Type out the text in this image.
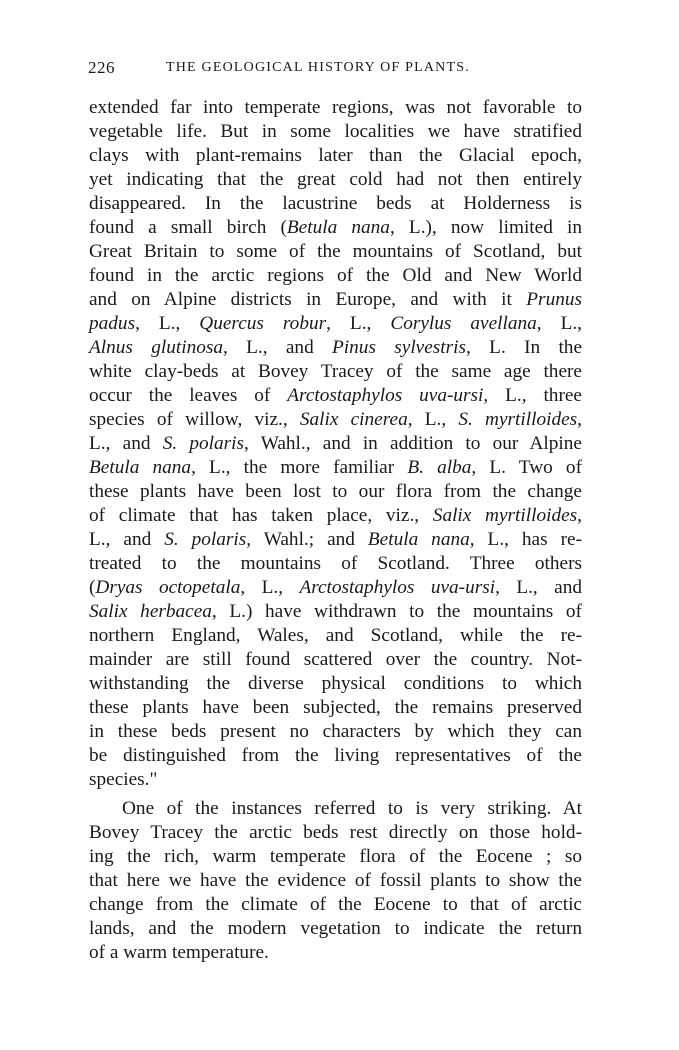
226	THE GEOLOGICAL HISTORY OF PLANTS.
extended far into temperate regions, was not favorable to
vegetable life. But in some localities we have stratified
clays with plant-remains later than the Glacial epoch,
yet indicating that the great cold had not then entirely
disappeared. In the lacustrine beds at Holderness is
found a small birch (Betula nana, L.), now limited in
Great Britain to some of the mountains of Scotland, but
found in the arctic regions of the Old and New World
and on Alpine districts in Europe, and with it Prunus
padus, L., Quercus robur, L., Corylus avellana, L.,
Alnus glutinosa, L., and Pinus sylvestris, L. In the
white clay-beds at Bovey Tracey of the same age there
occur the leaves of Arctostaphylos uva-ursi, L., three
species of willow, viz., Salix cinerea, L., S. myrtilloides,
L., and S. polaris, Wahl., and in addition to our Alpine
Betula nana, L., the more familiar B. alba, L. Two of
these plants have been lost to our flora from the change
of climate that has taken place, viz., Salix myrtilloides,
L., and S. polaris, Wahl.; and Betula nana, L., has re-
treated to the mountains of Scotland. Three others
(Dryas octopetala, L., Arctostaphylos uva-ursi, L., and
Salix herbacea, L.) have withdrawn to the mountains of
northern England, Wales, and Scotland, while the re-
mainder are still found scattered over the country. Not-
withstanding the diverse physical conditions to which
these plants have been subjected, the remains preserved
in these beds present no characters by which they can
be distinguished from the living representatives of the
species."
One of the instances referred to is very striking. At
Bovey Tracey the arctic beds rest directly on those hold-
ing the rich, warm temperate flora of the Eocene ; so
that here we have the evidence of fossil plants to show the
change from the climate of the Eocene to that of arctic
lands, and the modern vegetation to indicate the return
of a warm temperature.
